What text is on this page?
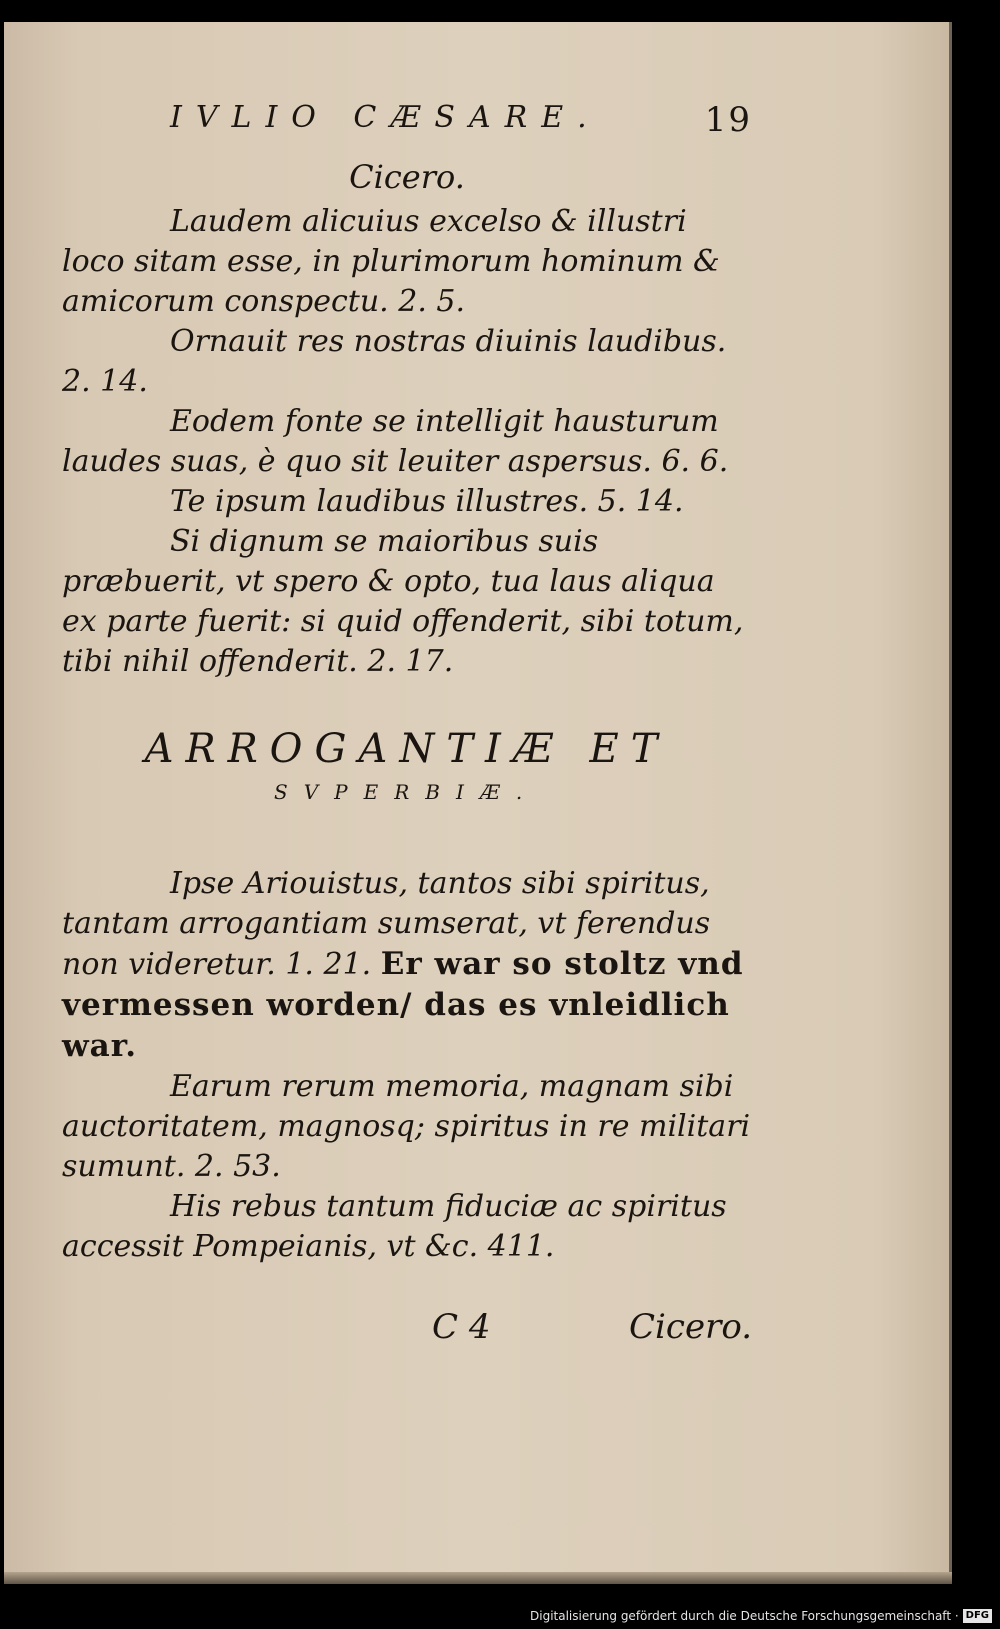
IVLIO CÆSARE.	19
Cicero.

Laudem alicuius excelso & illustri loco sitam esse, in plurimorum hominum & amicorum conspectu. 2. 5.

Ornauit res nostras diuinis laudibus. 2. 14.

Eodem fonte se intelligit hausturum laudes suas, è quo sit leuiter aspersus. 6. 6.

Te ipsum laudibus illustres. 5. 14.

Si dignum se maioribus suis præbuerit, vt spero & opto, tua laus aliqua ex parte fuerit: si quid offenderit, sibi totum, tibi nihil offenderit. 2. 17.

ARROGANTIÆ ET
SVPERBIÆ.

Ipse Ariouistus, tantos sibi spiritus, tantam arrogantiam sumserat, vt ferendus non videretur. 1. 21. Er war so stoltz vnd vermessen worden/ das es vnleidlich war.

Earum rerum memoria, magnam sibi auctoritatem, magnosq; spiritus in re militari sumunt. 2. 53.

His rebus tantum fiduciæ ac spiritus accessit Pompeianis, vt &c. 411.

C 4	Cicero.
Digitalisierung gefördert durch die Deutsche Forschungsgemeinschaft · DFG
